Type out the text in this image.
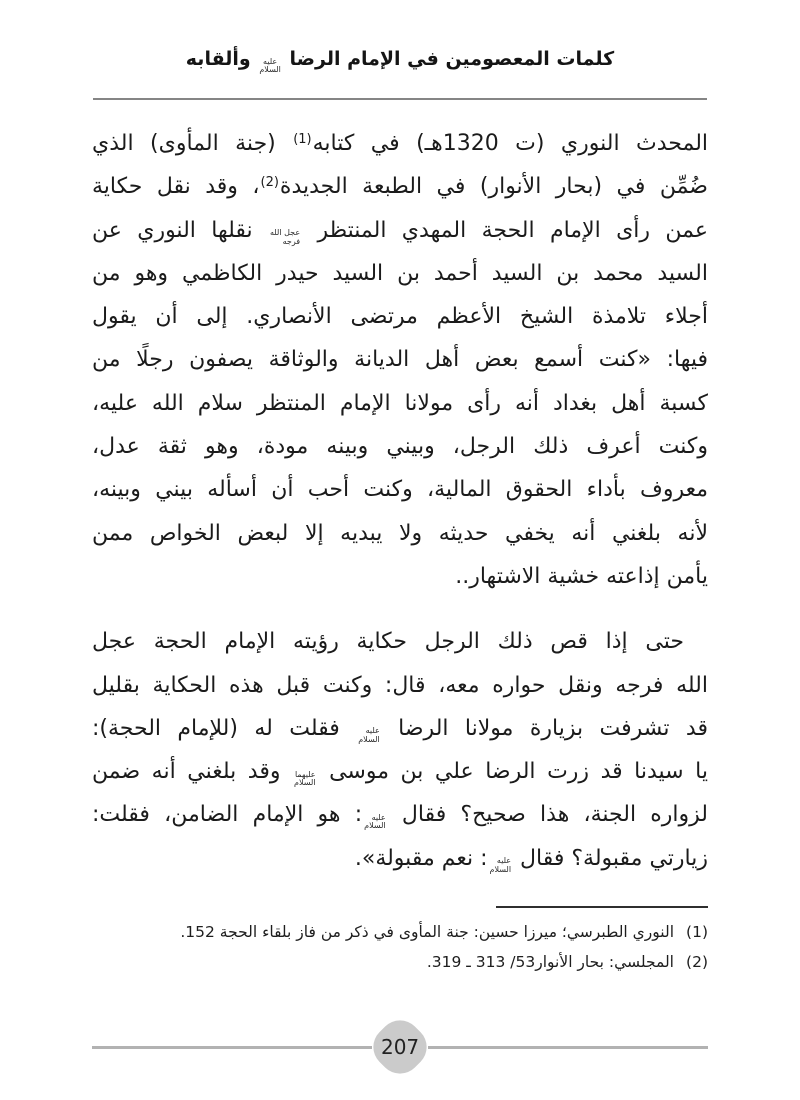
كلمات المعصومين في الإمام الرضا
عليه
السلام
وألقابه
المحدث النوري (ت 1320هـ) في كتابه(1) (جنة المأوى) الذي
ضُمِّن في (بحار الأنوار) في الطبعة الجديدة(2)، وقد نقل حكاية
عمن رأى الإمام الحجة المهدي المنتظر
عجل الله
فرجه
نقلها النوري عن
السيد محمد بن السيد أحمد بن السيد حيدر الكاظمي وهو من
أجلاء تلامذة الشيخ الأعظم مرتضى الأنصاري. إلى أن يقول
فيها: «كنت أسمع بعض أهل الديانة والوثاقة يصفون رجلًا من
كسبة أهل بغداد أنه رأى مولانا الإمام المنتظر سلام الله عليه،
وكنت أعرف ذلك الرجل، وبيني وبينه مودة، وهو ثقة عدل،
معروف بأداء الحقوق المالية، وكنت أحب أن أسأله بيني وبينه،
لأنه بلغني أنه يخفي حديثه ولا يبديه إلا لبعض الخواص ممن
يأمن إذاعته خشية الاشتهار..
حتى إذا قص ذلك الرجل حكاية رؤيته الإمام الحجة عجل
الله فرجه ونقل حواره معه، قال: وكنت قبل هذه الحكاية بقليل
قد تشرفت بزيارة مولانا الرضا
عليه
السلام
فقلت له (للإمام الحجة):
يا سيدنا قد زرت الرضا علي بن موسى
عليهما
السلام
وقد بلغني أنه ضمن
لزواره الجنة، هذا صحيح؟ فقال
عليه
السلام
: هو الإمام الضامن، فقلت:
زيارتي مقبولة؟ فقال
عليه
السلام
: نعم مقبولة».
(1)
النوري الطبرسي؛ ميرزا حسين: جنة المأوى في ذكر من فاز بلقاء الحجة 152.
(2)
المجلسي: بحار الأنوار53/ 313 ـ 319.
207
